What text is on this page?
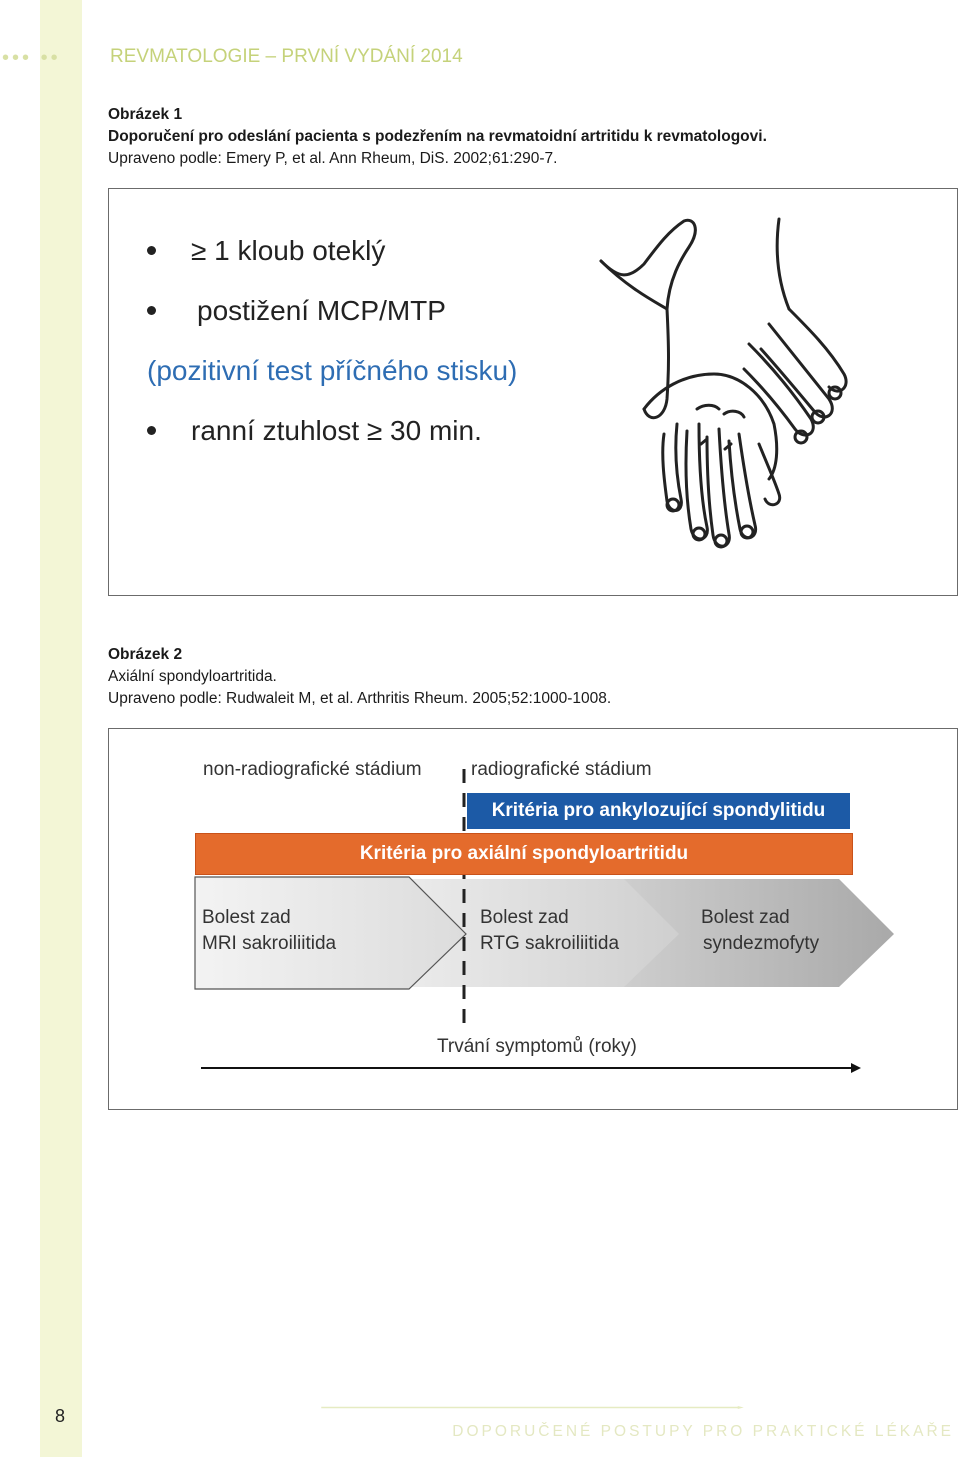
••• ••	REVMATOLOGIE – PRVNÍ VYDÁNÍ 2014
Obrázek 1
Doporučení pro odeslání pacienta s podezřením na revmatoidní artritidu k revmatologovi.
Upraveno podle: Emery P, et al. Ann Rheum, DiS. 2002;61:290-7.
≥ 1 kloub oteklý
postižení MCP/MTP
(pozitivní test příčného stisku)
ranní ztuhlost ≥ 30 min.
Obrázek 2
Axiální spondyloartritida.
Upraveno podle: Rudwaleit M, et al. Arthritis Rheum. 2005;52:1000-1008.
non-radiografické stádium	radiografické stádium
Kritéria pro ankylozující spondylitidu
Kritéria pro axiální spondyloartritidu
Bolest zad
MRI sakroiliitida
Bolest zad
RTG sakroiliitida
Bolest zad
syndezmofyty
Trvání symptomů (roky)
8
DOPORUČENÉ POSTUPY PRO PRAKTICKÉ LÉKAŘE
